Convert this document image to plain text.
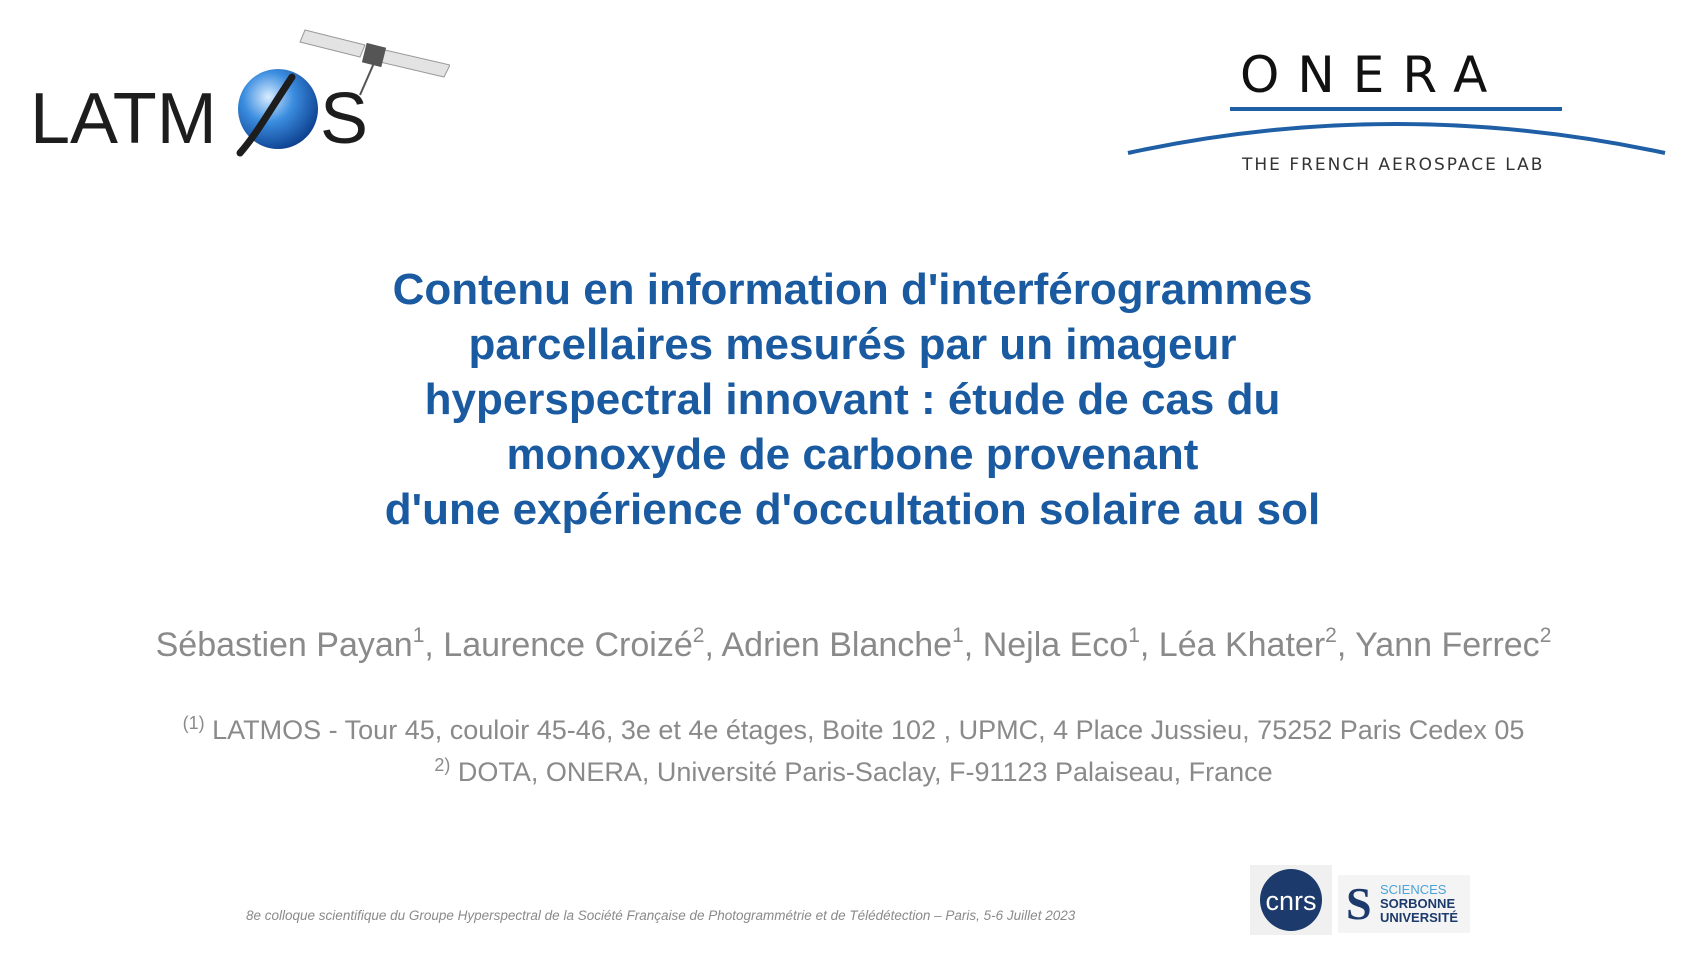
LATM S
ONERA
THE FRENCH AEROSPACE LAB
Contenu en information d'interférogrammes
parcellaires mesurés par un imageur
hyperspectral innovant : étude de cas du
monoxyde de carbone provenant
d'une expérience d'occultation solaire au sol
Sébastien Payan$^1$, Laurence Croizé$^2$, Adrien Blanche$^1$, Nejla Eco$^1$, Léa Khater$^2$, Yann Ferrec$^2$
$^{(1)}$ LATMOS - Tour 45, couloir 45-46, 3e et 4e étages, Boite 102 , UPMC, 4 Place Jussieu, 75252 Paris Cedex 05
$^{2)}$ DOTA, ONERA, Université Paris-Saclay, F-91123 Palaiseau, France
8e colloque scientifique du Groupe Hyperspectral de la Société Française de Photogrammétrie et de Télédétection – Paris, 5-6 Juillet 2023	cnrs S SCIENCES
SORBONNE
UNIVERSITÉ
